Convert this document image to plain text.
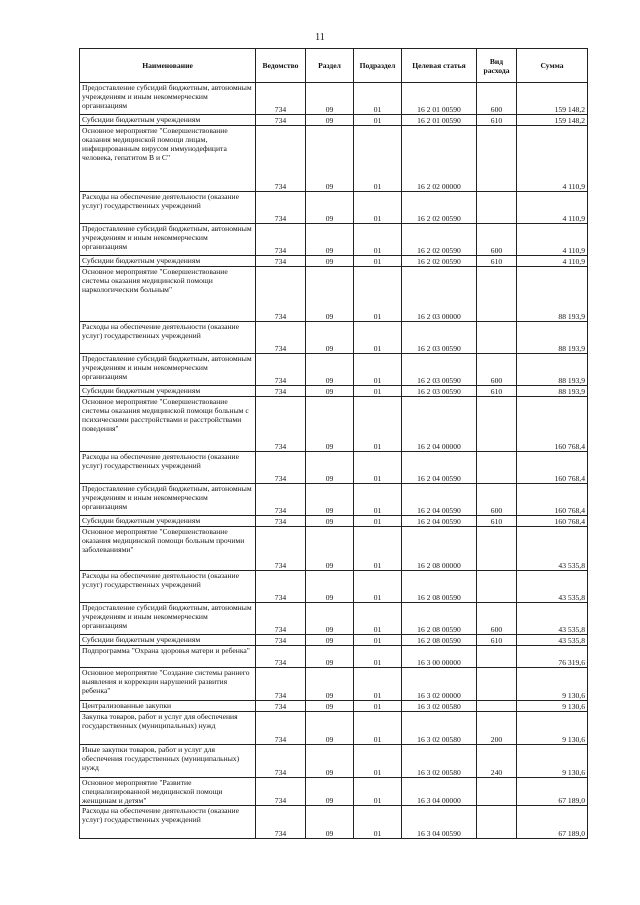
11
Наименование	Ведомство	Раздел	Подраздел	Целевая статья	Вид расхода	Сумма
Предоставление субсидий бюджетным, автономным учреждениям и иным некоммерческим организациям	734	09	01	16 2 01 00590	600	159 148,2
Субсидии бюджетным учреждениям	734	09	01	16 2 01 00590	610	159 148,2
Основное мероприятие "Совершенствование оказания медицинской помощи лицам, инфицированным вирусом иммунодефицита человека, гепатитом В и С"	734	09	01	16 2 02 00000		4 110,9
Расходы на обеспечение деятельности (оказание услуг) государственных учреждений	734	09	01	16 2 02 00590		4 110,9
Предоставление субсидий бюджетным, автономным учреждениям и иным некоммерческим организациям	734	09	01	16 2 02 00590	600	4 110,9
Субсидии бюджетным учреждениям	734	09	01	16 2 02 00590	610	4 110,9
Основное мероприятие "Совершенствование системы оказания медицинской помощи наркологическим больным"	734	09	01	16 2 03 00000		88 193,9
Расходы на обеспечение деятельности (оказание услуг) государственных учреждений	734	09	01	16 2 03 00590		88 193,9
Предоставление субсидий бюджетным, автономным учреждениям и иным некоммерческим организациям	734	09	01	16 2 03 00590	600	88 193,9
Субсидии бюджетным учреждениям	734	09	01	16 2 03 00590	610	88 193,9
Основное мероприятие "Совершенствование системы оказания медицинской помощи больным с психическими расстройствами и расстройствами поведения"	734	09	01	16 2 04 00000		160 768,4
Расходы на обеспечение деятельности (оказание услуг) государственных учреждений	734	09	01	16 2 04 00590		160 768,4
Предоставление субсидий бюджетным, автономным учреждениям и иным некоммерческим организациям	734	09	01	16 2 04 00590	600	160 768,4
Субсидии бюджетным учреждениям	734	09	01	16 2 04 00590	610	160 768,4
Основное мероприятие "Совершенствование оказания медицинской помощи больным прочими заболеваниями"	734	09	01	16 2 08 00000		43 535,8
Расходы на обеспечение деятельности (оказание услуг) государственных учреждений	734	09	01	16 2 08 00590		43 535,8
Предоставление субсидий бюджетным, автономным учреждениям и иным некоммерческим организациям	734	09	01	16 2 08 00590	600	43 535,8
Субсидии бюджетным учреждениям	734	09	01	16 2 08 00590	610	43 535,8
Подпрограмма "Охрана здоровья матери и ребенка"	734	09	01	16 3 00 00000		76 319,6
Основное мероприятие "Создание системы раннего выявления и коррекции нарушений развития ребенка"	734	09	01	16 3 02 00000		9 130,6
Централизованные закупки	734	09	01	16 3 02 00580		9 130,6
Закупка товаров, работ и услуг для обеспечения государственных (муниципальных) нужд	734	09	01	16 3 02 00580	200	9 130,6
Иные закупки товаров, работ и услуг для обеспечения государственных (муниципальных) нужд	734	09	01	16 3 02 00580	240	9 130,6
Основное мероприятие "Развитие специализированной медицинской помощи женщинам и детям"	734	09	01	16 3 04 00000		67 189,0
Расходы на обеспечение деятельности (оказание услуг) государственных учреждений	734	09	01	16 3 04 00590		67 189,0
